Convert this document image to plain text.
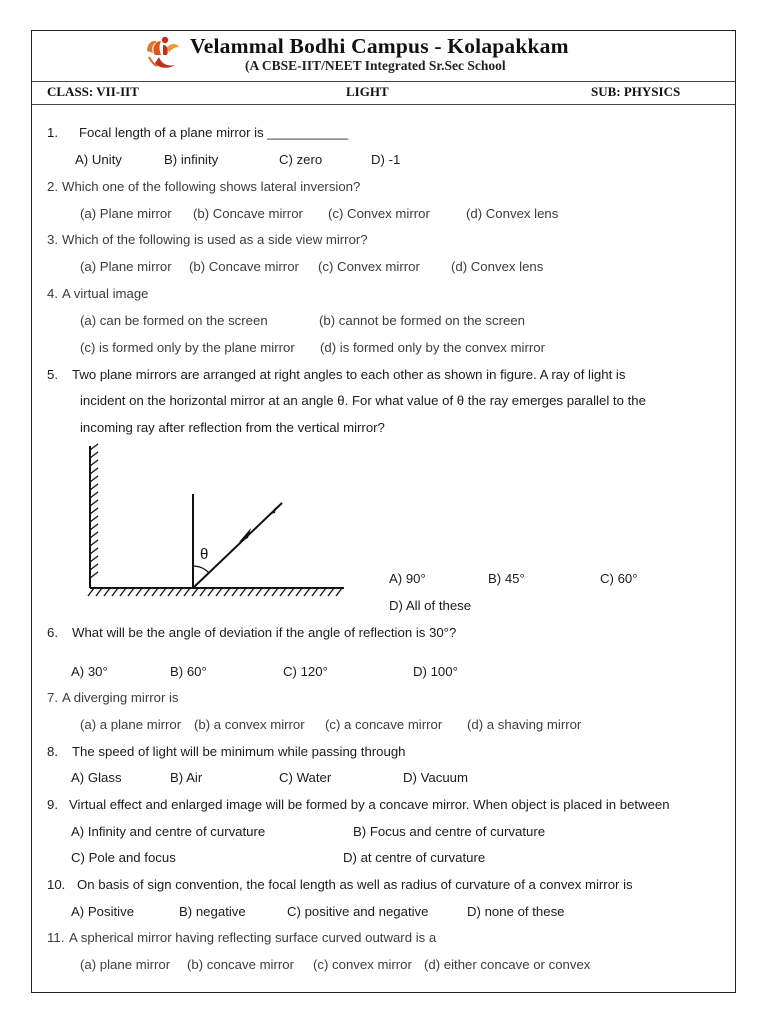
Velammal Bodhi Campus - Kolapakkam
(A CBSE-IIT/NEET Integrated Sr.Sec School
CLASS: VII-IIT	LIGHT	SUB: PHYSICS
1. Focal length of a plane mirror is ___________
A) Unity	B) infinity	C) zero	D) -1
2. Which one of the following shows lateral inversion?
(a) Plane mirror (b) Concave mirror (c) Convex mirror	(d) Convex lens
3. Which of the following is used as a side view mirror?
(a) Plane mirror (b) Concave mirror (c) Convex mirror (d) Convex lens
4. A virtual image
(a) can be formed on the screen	(b) cannot be formed on the screen
(c) is formed only by the plane mirror (d) is formed only by the convex mirror
5. Two plane mirrors are arranged at right angles to each other as shown in figure. A ray of light is
incident on the horizontal mirror at an angle θ. For what value of θ the ray emerges parallel to the
incoming ray after reflection from the vertical mirror?
θ
A) 90°	B) 45°	C) 60°
D) All of these
6. What will be the angle of deviation if the angle of reflection is 30°?
A) 30°	B) 60°	C) 120°	D) 100°
7. A diverging mirror is
(a) a plane mirror (b) a convex mirror (c) a concave mirror (d) a shaving mirror
8. The speed of light will be minimum while passing through
A) Glass	B) Air	C) Water	D) Vacuum
9. Virtual effect and enlarged image will be formed by a concave mirror. When object is placed in between
A) Infinity and centre of curvature	B) Focus and centre of curvature
C) Pole and focus	D) at centre of curvature
10. On basis of sign convention, the focal length as well as radius of curvature of a convex mirror is
A) Positive	B) negative	C) positive and negative	D) none of these
11. A spherical mirror having reflecting surface curved outward is a
(a) plane mirror (b) concave mirror (c) convex mirror (d) either concave or convex
